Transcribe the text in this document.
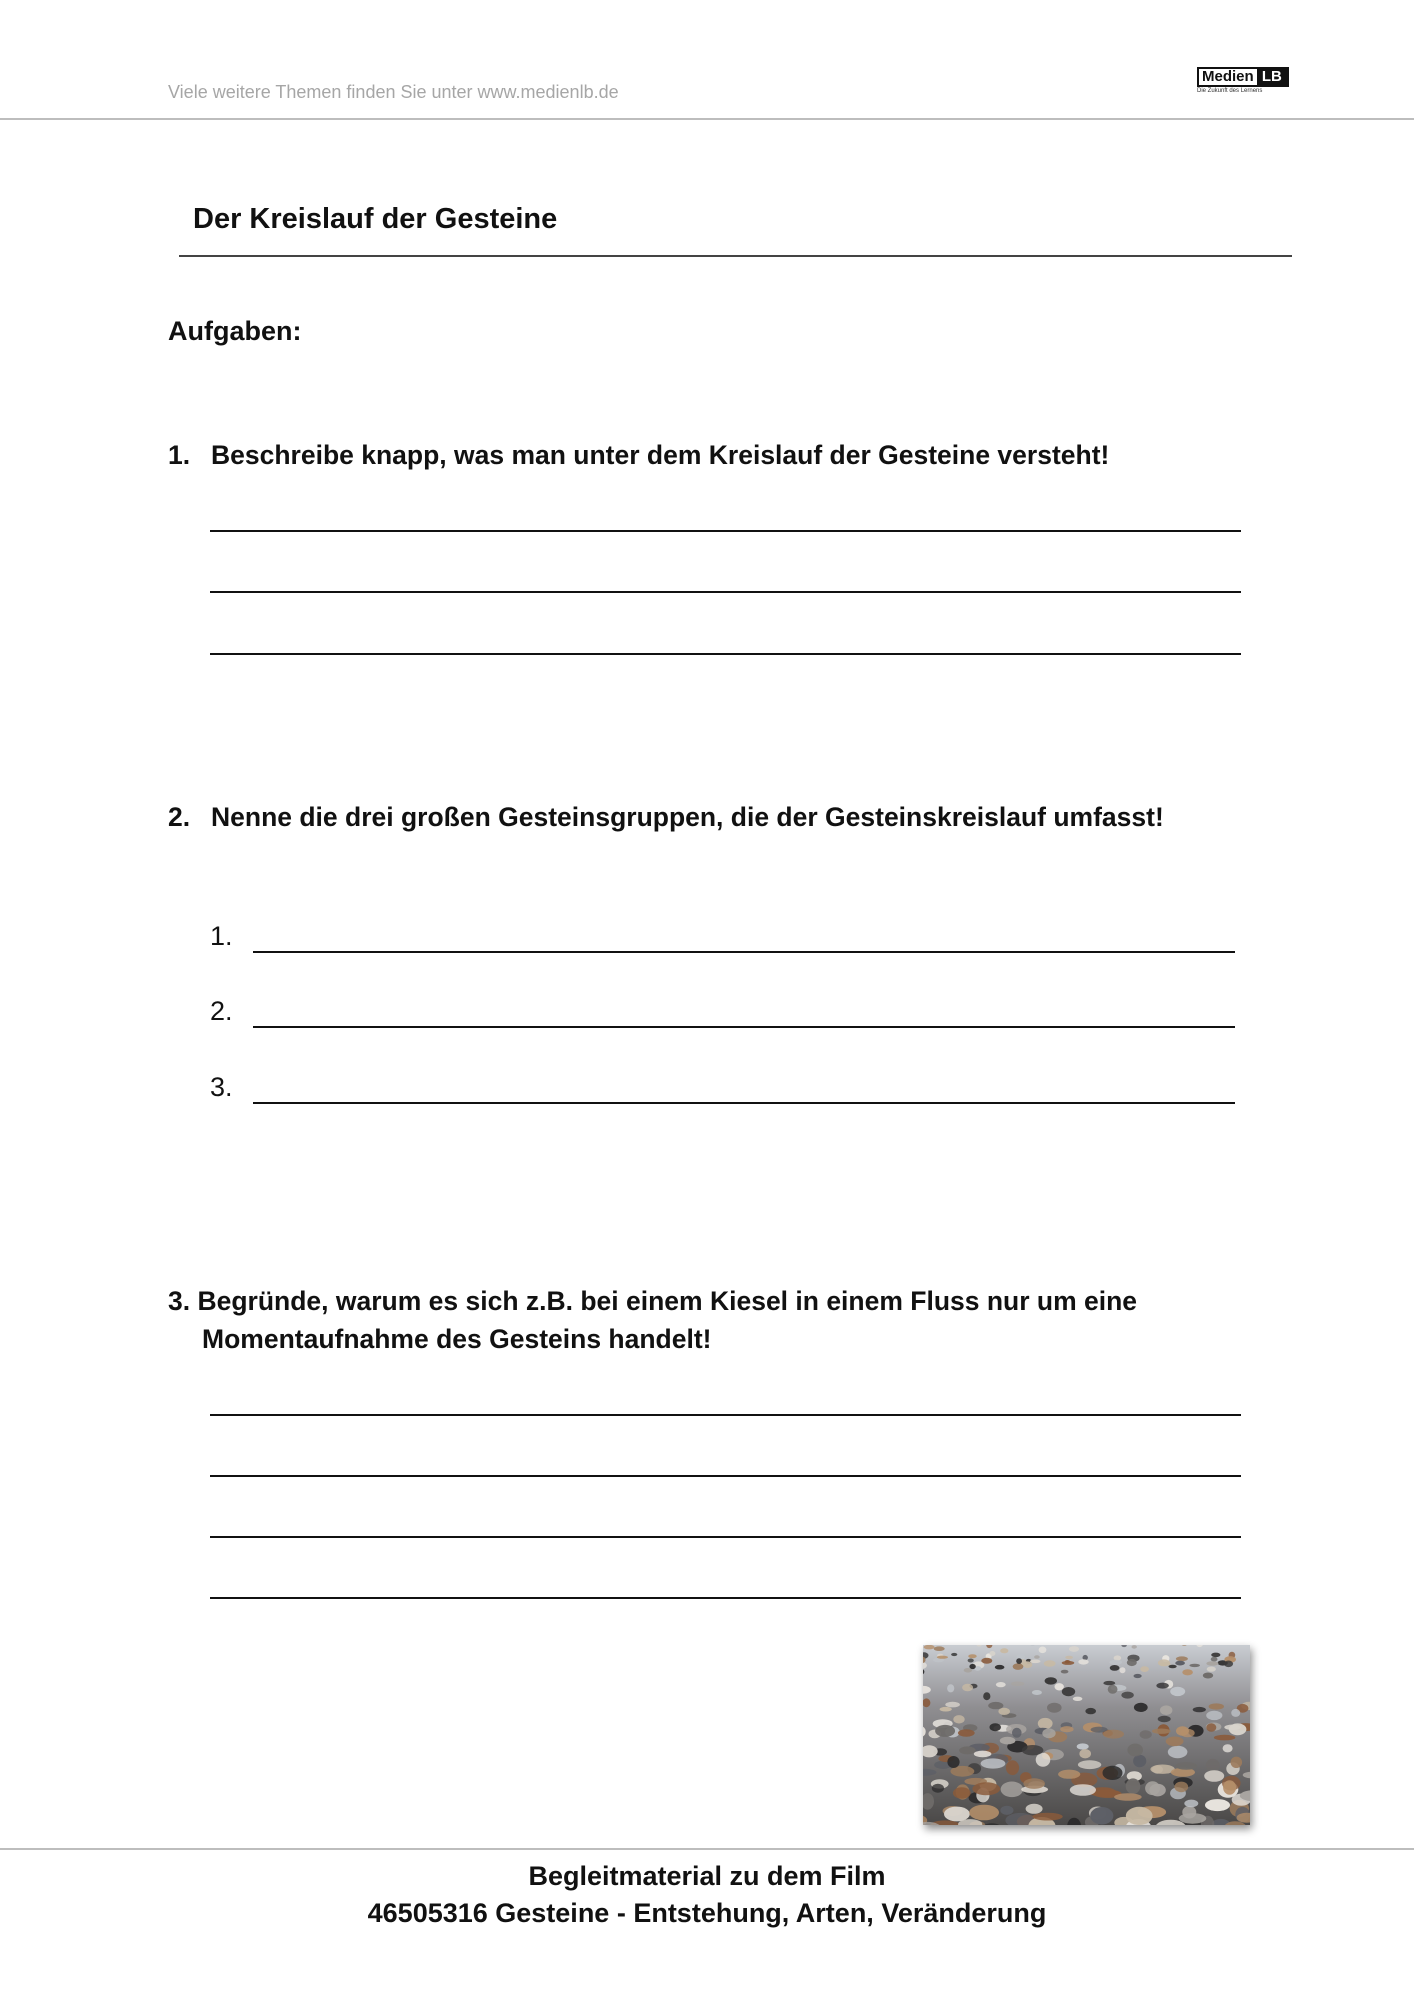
Viele weitere Themen finden Sie unter www.medienlb.de
Medien LB
Die Zukunft des Lernens
Der Kreislauf der Gesteine
Aufgaben:
1. Beschreibe knapp, was man unter dem Kreislauf der Gesteine versteht!
2. Nenne die drei großen Gesteinsgruppen, die der Gesteinskreislauf umfasst!
1.
2.
3.
3. Begründe, warum es sich z.B. bei einem Kiesel in einem Fluss nur um eine
Momentaufnahme des Gesteins handelt!
Begleitmaterial zu dem Film
46505316 Gesteine - Entstehung, Arten, Veränderung
